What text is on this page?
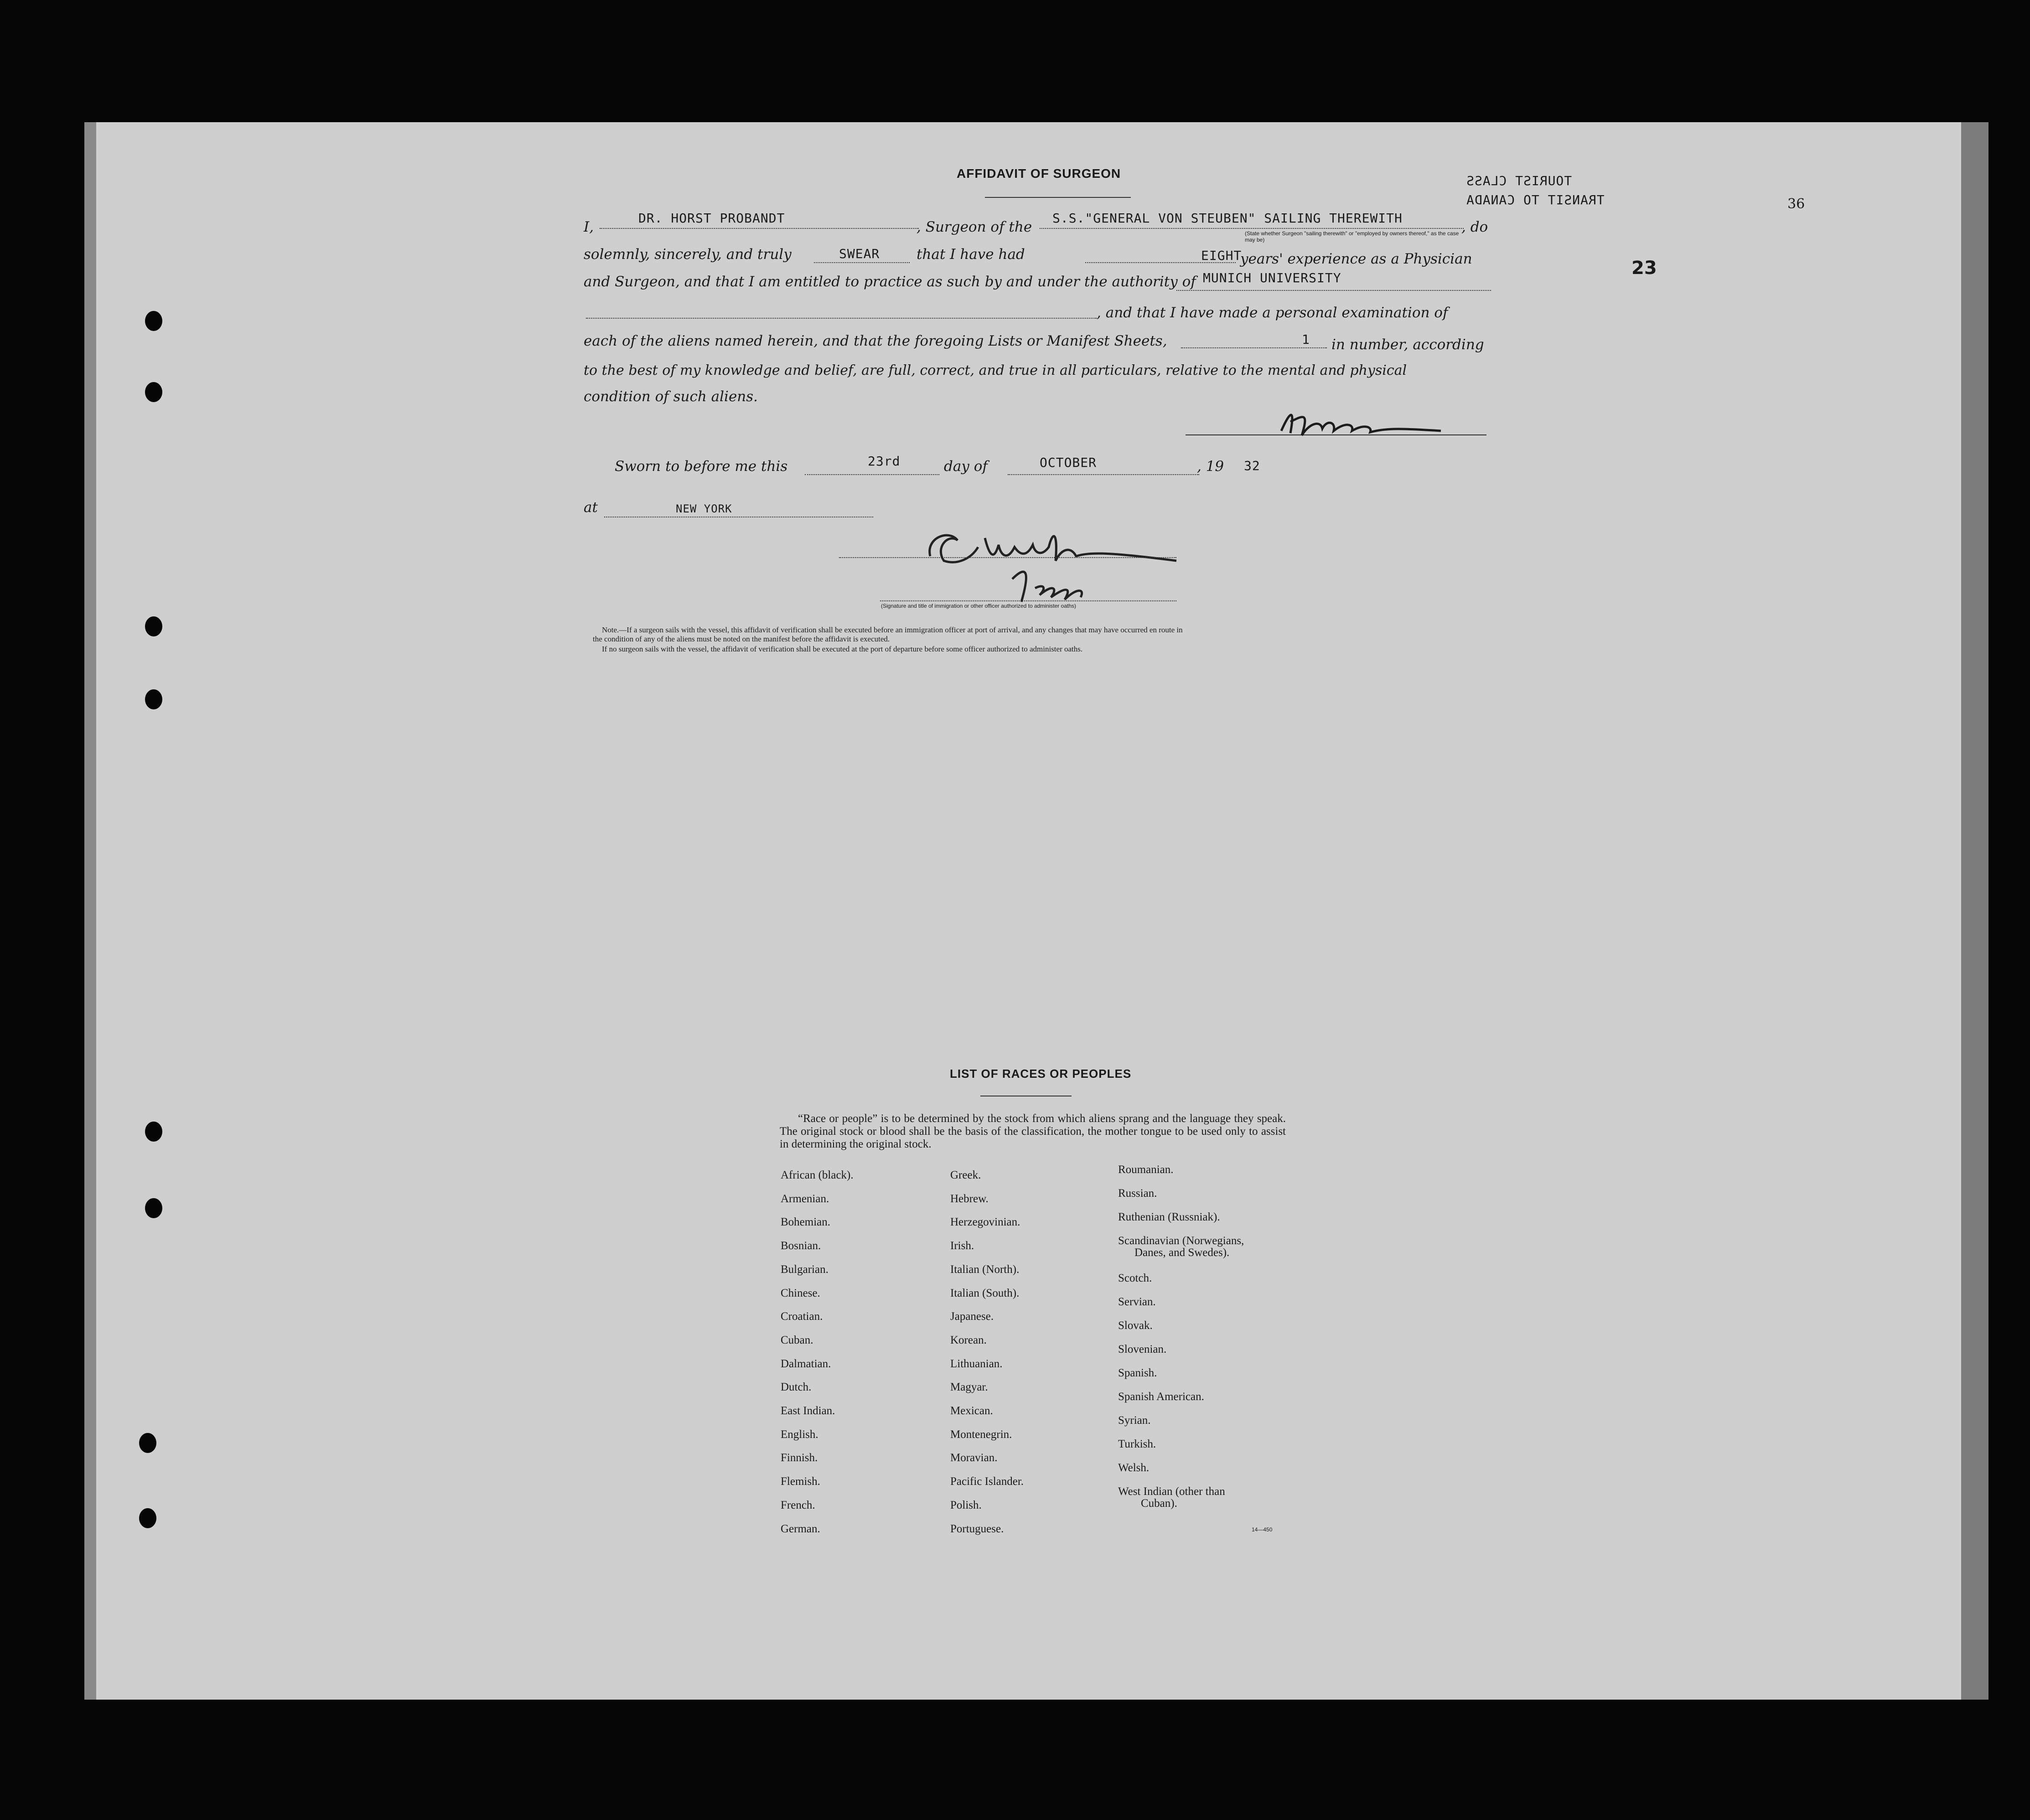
AFFIDAVIT OF SURGEON	TOURIST CLASS
TRANSIT TO CANADA	36
23
I,
DR. HORST PROBANDT
, Surgeon of the
S.S."GENERAL VON STEUBEN" SAILING THEREWITH
, do
(State whether Surgeon "sailing therewith" or "employed by owners thereof," as the case may be)
solemnly, sincerely, and truly	SWEAR	that I have had	EIGHT
years' experience as a Physician
and Surgeon, and that I am entitled to practice as such by and under the authority of MUNICH UNIVERSITY
, and that I have made a personal examination of
each of the aliens named herein, and that the foregoing Lists or Manifest Sheets,	1 in number, according
to the best of my knowledge and belief, are full, correct, and true in all particulars, relative to the mental and physical
condition of such aliens.
Sworn to before me this	23rd	day of	OCTOBER	, 19 32
at	NEW YORK
(Signature and title of immigration or other officer authorized to administer oaths)
Note.—If a surgeon sails with the vessel, this affidavit of verification shall be executed before an immigration officer at port of arrival, and any changes that may have occurred en route in
the condition of any of the aliens must be noted on the manifest before the affidavit is executed.
If no surgeon sails with the vessel, the affidavit of verification shall be executed at the port of departure before some officer authorized to administer oaths.
LIST OF RACES OR PEOPLES
“Race or people” is to be determined by the stock from which aliens sprang and the language they speak. The original stock or blood shall be the basis of the classification, the mother tongue to be used only to assist in determining the original stock.
African (black).
Armenian.
Bohemian.
Bosnian.
Bulgarian.
Chinese.
Croatian.
Cuban.
Dalmatian.
Dutch.
East Indian.
English.
Finnish.
Flemish.
French.
German.
Greek.
Hebrew.
Herzegovinian.
Irish.
Italian (North).
Italian (South).
Japanese.
Korean.
Lithuanian.
Magyar.
Mexican.
Montenegrin.
Moravian.
Pacific Islander.
Polish.
Portuguese.
Roumanian.
Russian.
Ruthenian (Russniak).
Scandinavian (Norwegians,
Danes, and Swedes).
Scotch.
Servian.
Slovak.
Slovenian.
Spanish.
Spanish American.
Syrian.
Turkish.
Welsh.
West Indian (other than
Cuban).
14—450
